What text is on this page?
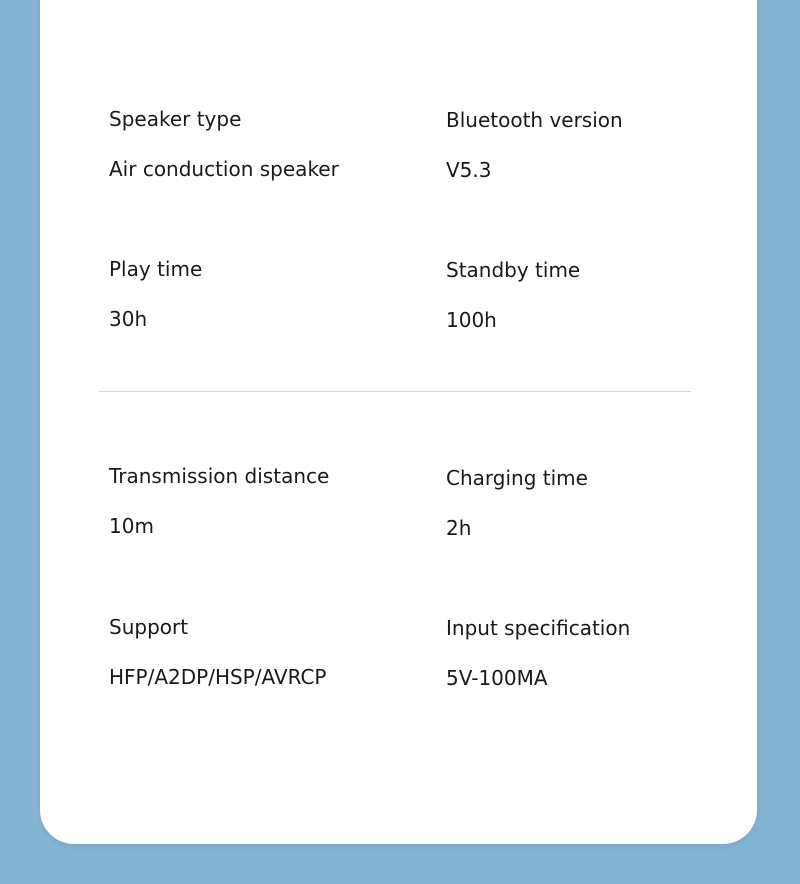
Speaker type
Air conduction speaker
Bluetooth version
V5.3
Play time
30h
Standby time
100h
Transmission distance
10m
Charging time
2h
Support
HFP/A2DP/HSP/AVRCP
Input specification
5V-100MA
